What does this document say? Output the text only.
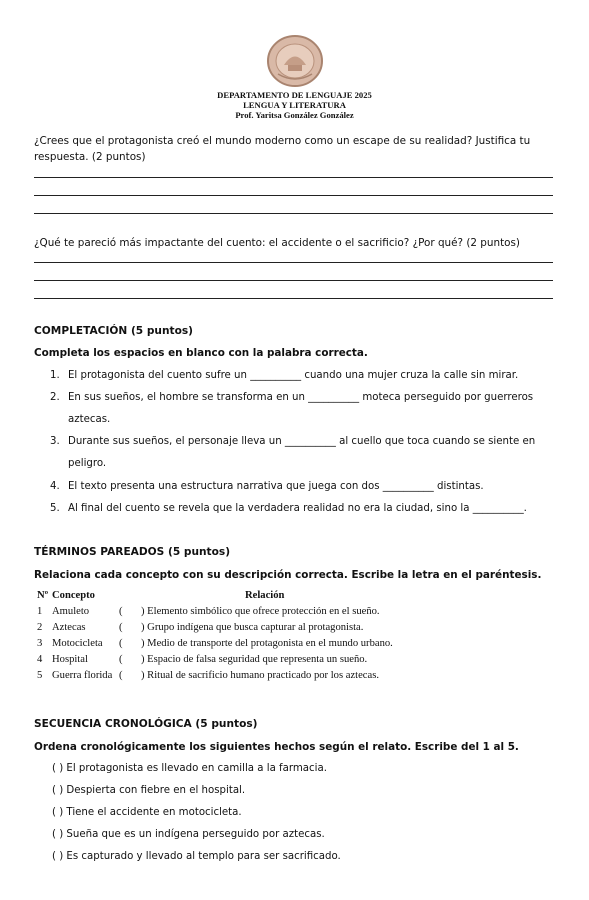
DEPARTAMENTO DE LENGUAJE 2025
LENGUA Y LITERATURA
Prof. Yaritsa González González
¿Crees que el protagonista creó el mundo moderno como un escape de su realidad? Justifica tu respuesta. (2 puntos)
¿Qué te pareció más impactante del cuento: el accidente o el sacrificio? ¿Por qué? (2 puntos)
COMPLETACIÓN (5 puntos)
Completa los espacios en blanco con la palabra correcta.
1. El protagonista del cuento sufre un __________ cuando una mujer cruza la calle sin mirar.
2. En sus sueños, el hombre se transforma en un __________ moteca perseguido por guerreros aztecas.
3. Durante sus sueños, el personaje lleva un __________ al cuello que toca cuando se siente en peligro.
4. El texto presenta una estructura narrativa que juega con dos __________ distintas.
5. Al final del cuento se revela que la verdadera realidad no era la ciudad, sino la __________.
TÉRMINOS PAREADOS (5 puntos)
Relaciona cada concepto con su descripción correcta. Escribe la letra en el paréntesis.
Nº Concepto	Relación
1 Amuleto	( ) Elemento simbólico que ofrece protección en el sueño.
2 Aztecas	( ) Grupo indígena que busca capturar al protagonista.
3 Motocicleta ( ) Medio de transporte del protagonista en el mundo urbano.
4 Hospital	( ) Espacio de falsa seguridad que representa un sueño.
5 Guerra florida ( ) Ritual de sacrificio humano practicado por los aztecas.
SECUENCIA CRONOLÓGICA (5 puntos)
Ordena cronológicamente los siguientes hechos según el relato. Escribe del 1 al 5.
( ) El protagonista es llevado en camilla a la farmacia.
( ) Despierta con fiebre en el hospital.
( ) Tiene el accidente en motocicleta.
( ) Sueña que es un indígena perseguido por aztecas.
( ) Es capturado y llevado al templo para ser sacrificado.
